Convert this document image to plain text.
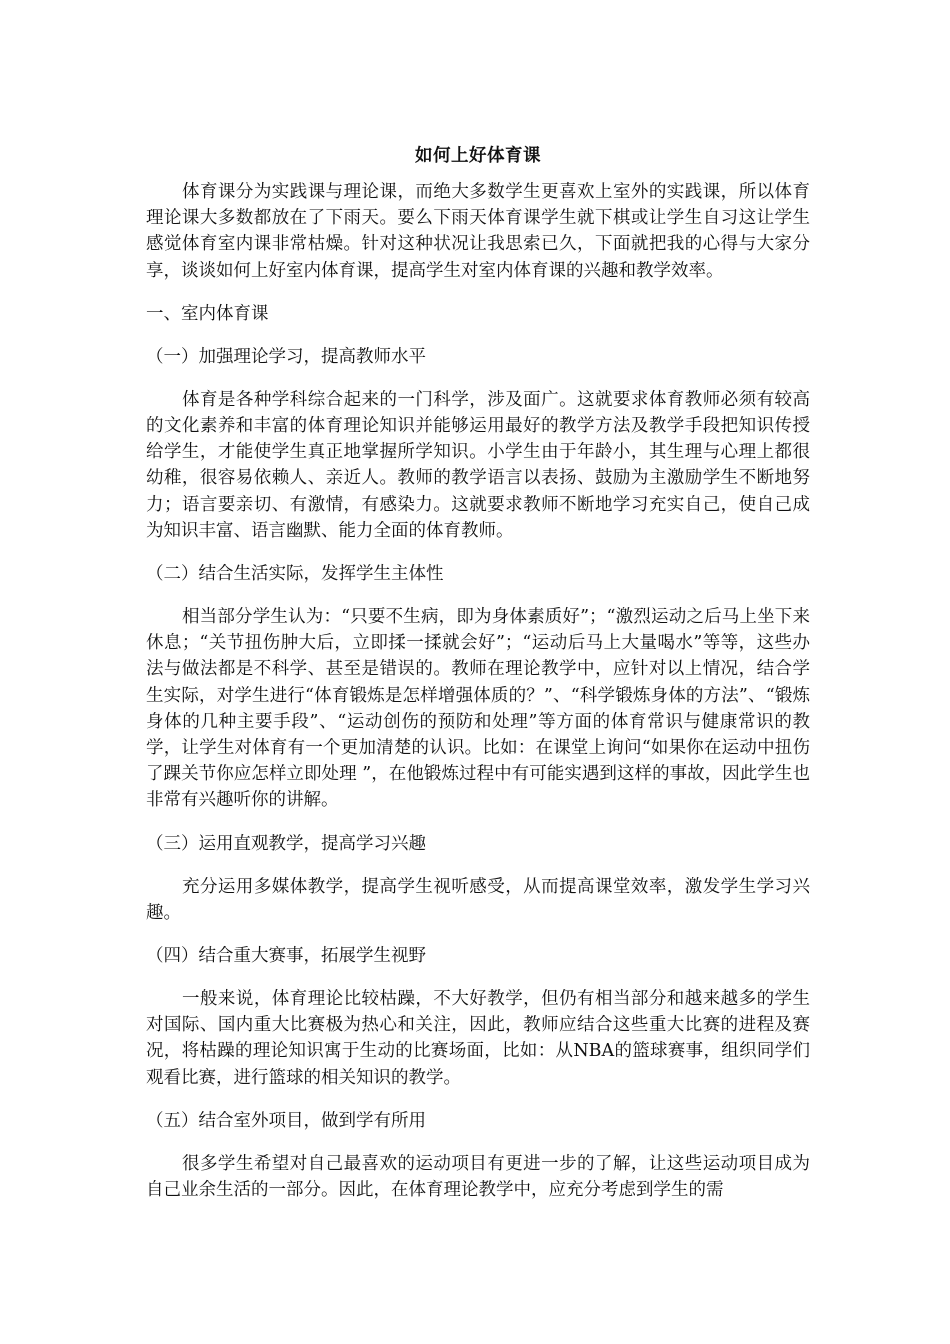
如何上好体育课

体育课分为实践课与理论课，而绝大多数学生更喜欢上室外的实践课，所以体育理论课大多数都放在了下雨天。要么下雨天体育课学生就下棋或让学生自习这让学生感觉体育室内课非常枯燥。针对这种状况让我思索已久，下面就把我的心得与大家分享，谈谈如何上好室内体育课，提高学生对室内体育课的兴趣和教学效率。

一、室内体育课
（一）加强理论学习，提高教师水平

体育是各种学科综合起来的一门科学，涉及面广。这就要求体育教师必须有较高的文化素养和丰富的体育理论知识并能够运用最好的教学方法及教学手段把知识传授给学生，才能使学生真正地掌握所学知识。小学生由于年龄小，其生理与心理上都很幼稚，很容易依赖人、亲近人。教师的教学语言以表扬、鼓励为主激励学生不断地努力；语言要亲切、有激情，有感染力。这就要求教师不断地学习充实自己，使自己成为知识丰富、语言幽默、能力全面的体育教师。

（二）结合生活实际，发挥学生主体性

相当部分学生认为：“只要不生病，即为身体素质好”；“激烈运动之后马上坐下来休息；“关节扭伤肿大后，立即揉一揉就会好”；“运动后马上大量喝水”等等，这些办法与做法都是不科学、甚至是错误的。教师在理论教学中，应针对以上情况，结合学生实际，对学生进行“体育锻炼是怎样增强体质的？”、“科学锻炼身体的方法”、“锻炼身体的几种主要手段”、“运动创伤的预防和处理”等方面的体育常识与健康常识的教学，让学生对体育有一个更加清楚的认识。比如：在课堂上询问“如果你在运动中扭伤了踝关节你应怎样立即处理 ”，在他锻炼过程中有可能实遇到这样的事故，因此学生也非常有兴趣听你的讲解。

（三）运用直观教学，提高学习兴趣

充分运用多媒体教学，提高学生视听感受，从而提高课堂效率，激发学生学习兴趣。

（四）结合重大赛事，拓展学生视野

一般来说，体育理论比较枯躁，不大好教学，但仍有相当部分和越来越多的学生对国际、国内重大比赛极为热心和关注，因此，教师应结合这些重大比赛的进程及赛况，将枯躁的理论知识寓于生动的比赛场面，比如：从NBA的篮球赛事，组织同学们观看比赛，进行篮球的相关知识的教学。

（五）结合室外项目，做到学有所用

很多学生希望对自己最喜欢的运动项目有更进一步的了解，让这些运动项目成为自己业余生活的一部分。因此，在体育理论教学中，应充分考虑到学生的需
